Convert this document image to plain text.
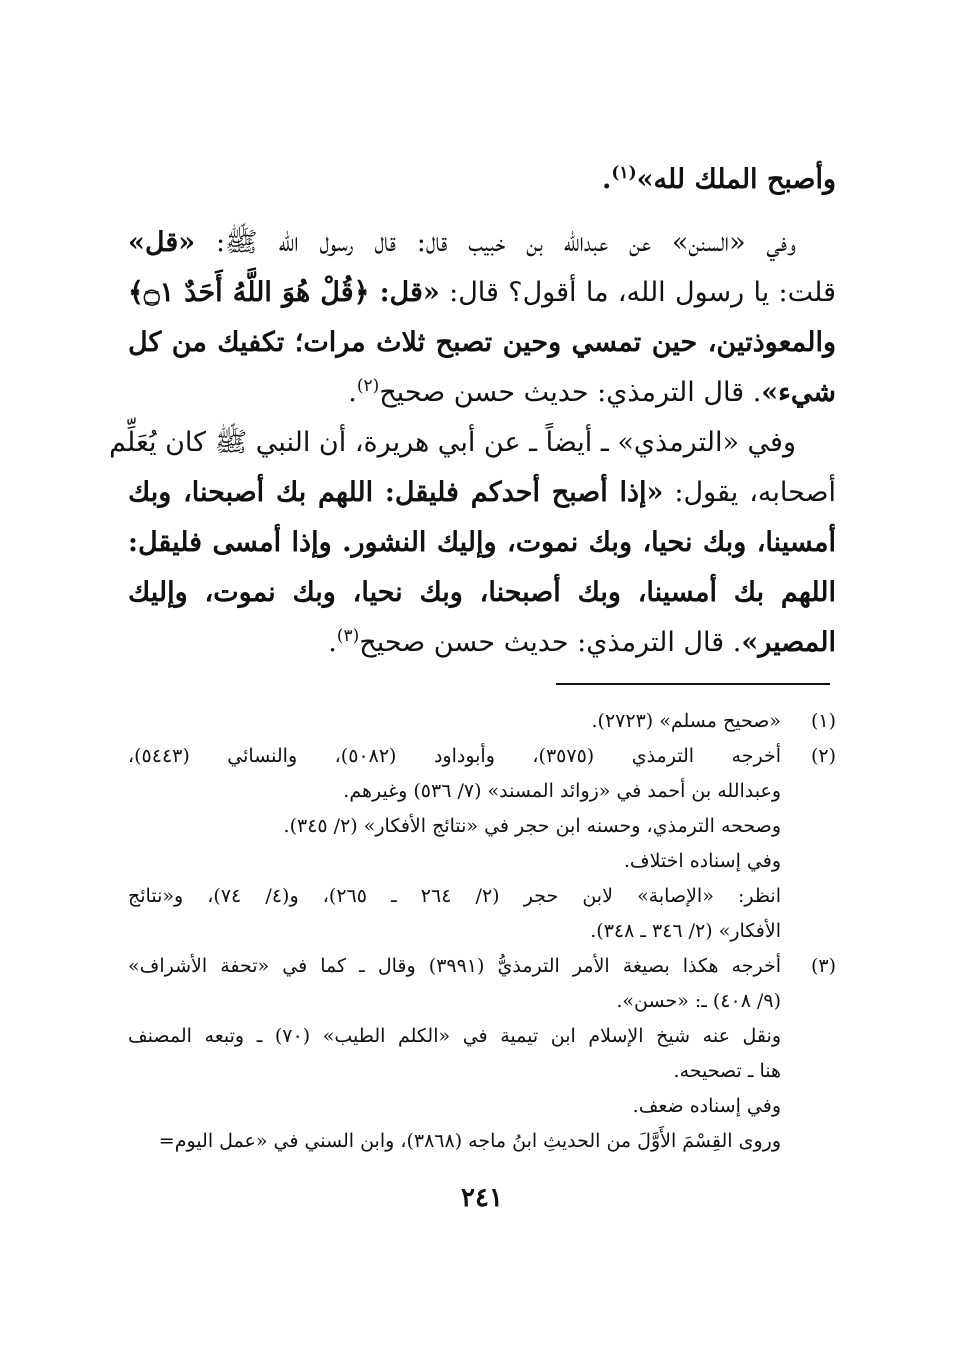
وأصبح الملك لله»$^{(١)}$.
وفي «السنن» عن عبدالله بن خبيب قال: قال رسول الله ﷺ: «قل»
قلت: يا رسول الله، ما أقول؟ قال: «قل: ﴿قُلْ هُوَ اللَّهُ أَحَدٌ ۝١﴾
والمعوذتين، حين تمسي وحين تصبح ثلاث مرات؛ تكفيك من كل
شيء». قال الترمذي: حديث حسن صحيح$^{(٢)}$.
وفي «الترمذي» ـ أيضاً ـ عن أبي هريرة، أن النبي ﷺ كان يُعَلِّم
أصحابه، يقول: «إذا أصبح أحدكم فليقل: اللهم بك أصبحنا، وبك
أمسينا، وبك نحيا، وبك نموت، وإليك النشور. وإذا أمسى فليقل:
اللهم بك أمسينا، وبك أصبحنا، وبك نحيا، وبك نموت، وإليك
المصير». قال الترمذي: حديث حسن صحيح$^{(٣)}$.
(١)
«صحيح مسلم» (٢٧٢٣).
(٢)
أخرجه الترمذي (٣٥٧٥)، وأبوداود (٥٠٨٢)، والنسائي (٥٤٤٣)،
وعبدالله بن أحمد في «زوائد المسند» (٧/ ٥٣٦) وغيرهم.
وصححه الترمذي، وحسنه ابن حجر في «نتائج الأفكار» (٢/ ٣٤٥).
وفي إسناده اختلاف.
انظر: «الإصابة» لابن حجر (٢/ ٢٦٤ ـ ٢٦٥)، و(٤/ ٧٤)، و«نتائج
الأفكار» (٢/ ٣٤٦ ـ ٣٤٨).
(٣)
أخرجه هكذا بصيغة الأمر الترمذيُّ (٣٩٩١) وقال ـ كما في «تحفة الأشراف»
(٩/ ٤٠٨) ـ: «حسن».
ونقل عنه شيخ الإسلام ابن تيمية في «الكلم الطيب» (٧٠) ـ وتبعه المصنف
هنا ـ تصحيحه.
وفي إسناده ضعف.
وروى القِسْمَ الأَوَّلَ من الحديثِ ابنُ ماجه (٣٨٦٨)، وابن السني في «عمل اليوم=
٢٤١
